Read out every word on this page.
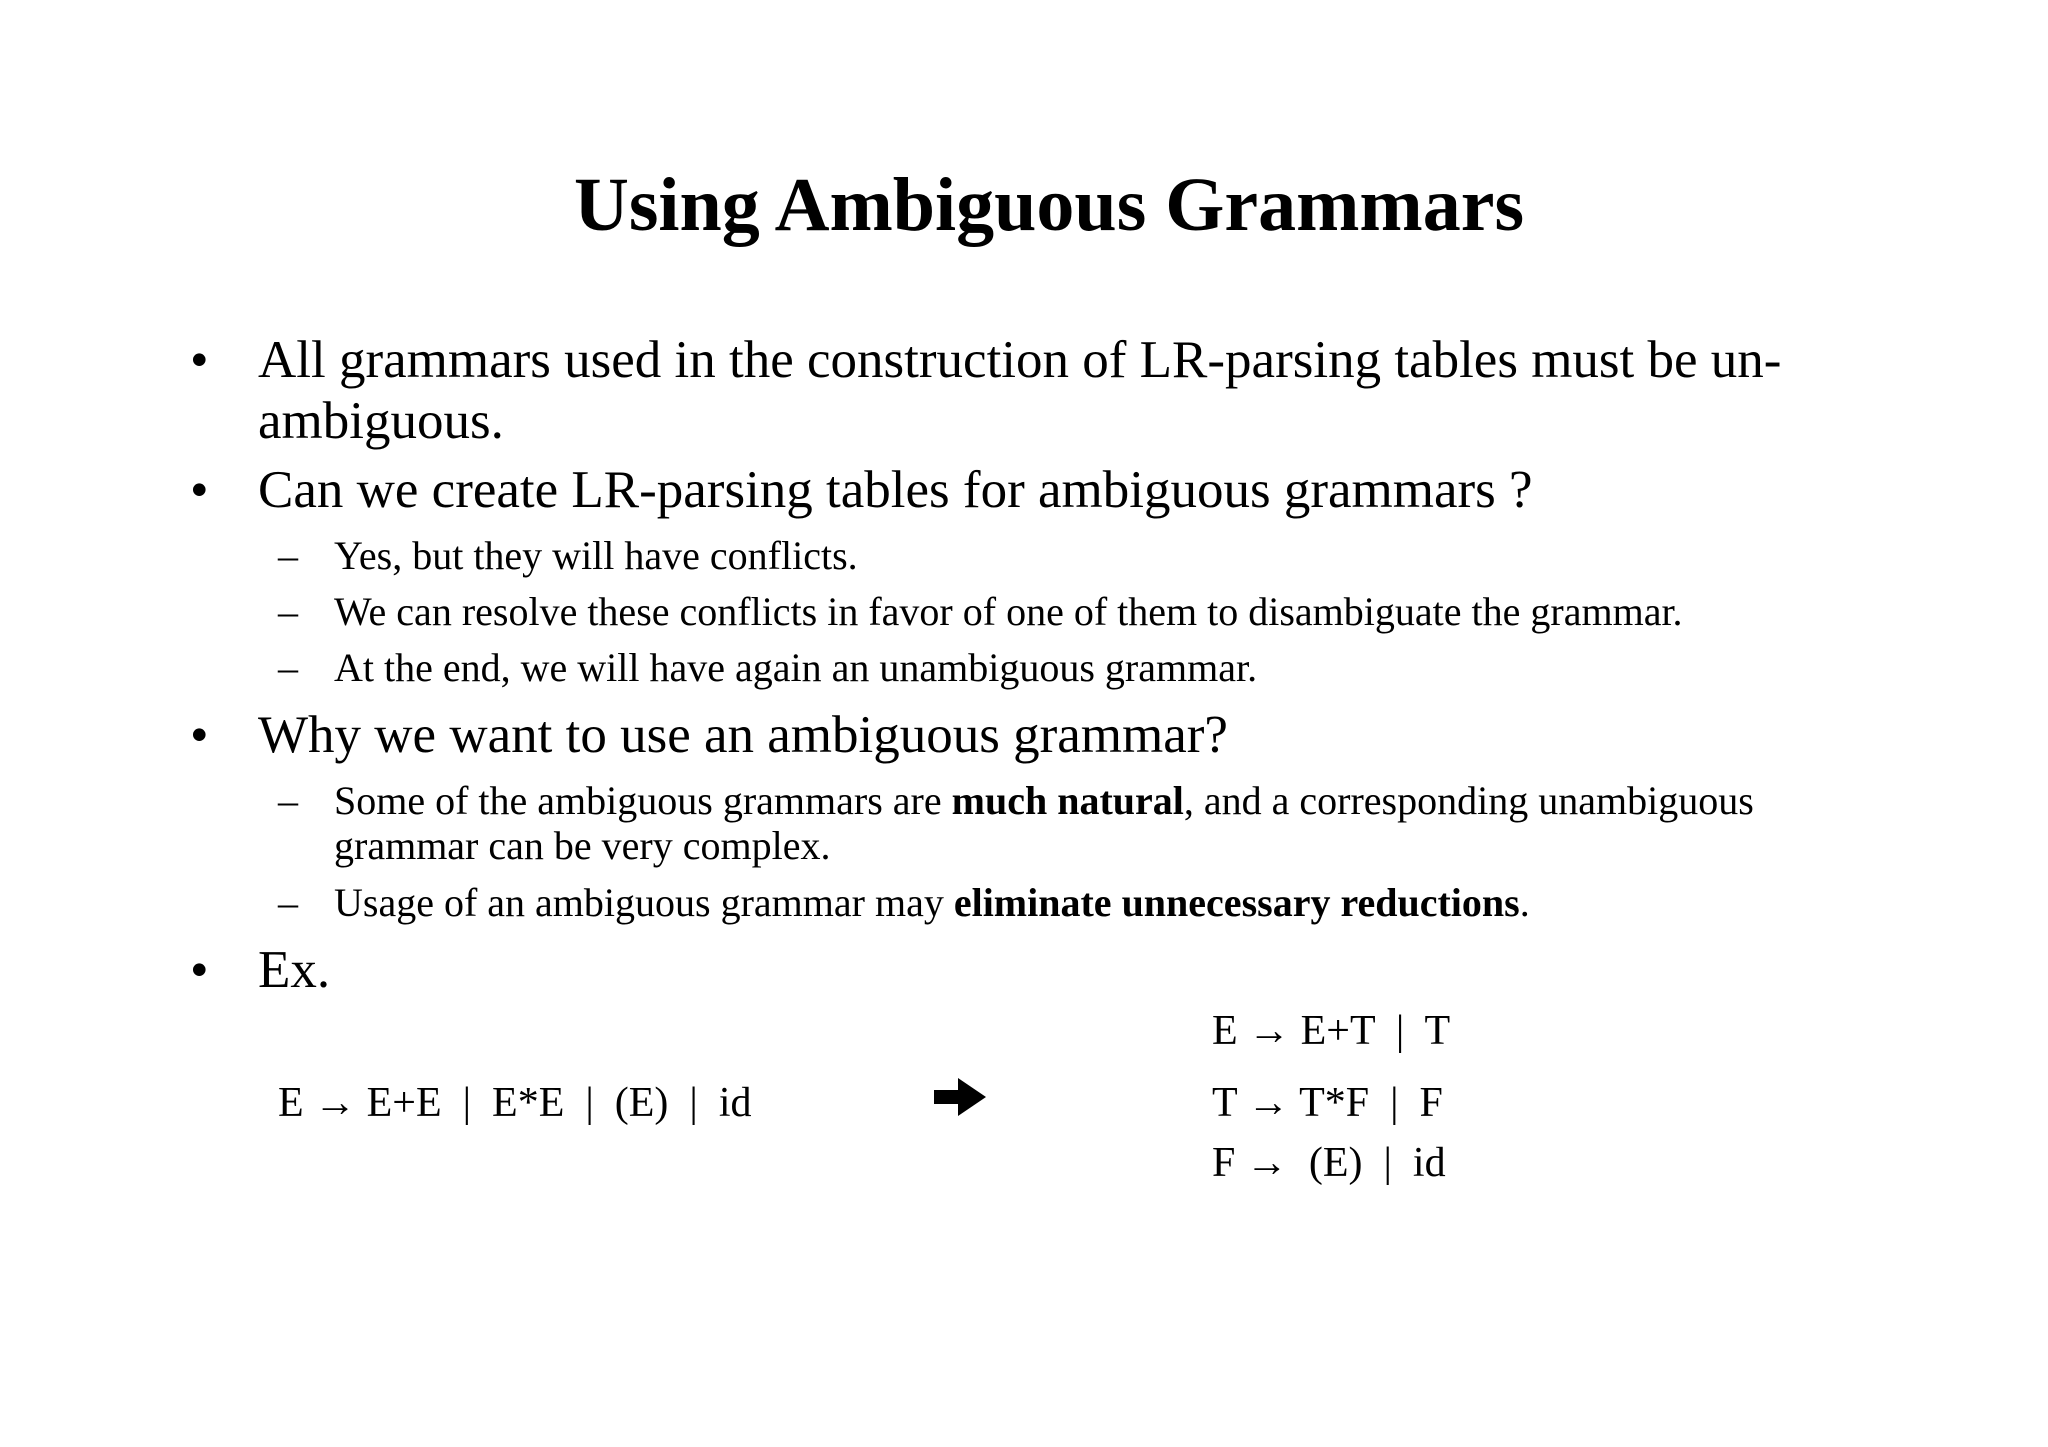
Using Ambiguous Grammars
• All grammars used in the construction of LR-parsing tables must be un-ambiguous.
• Can we create LR-parsing tables for ambiguous grammars ?
– Yes, but they will have conflicts.
– We can resolve these conflicts in favor of one of them to disambiguate the grammar.
– At the end, we will have again an unambiguous grammar.
• Why we want to use an ambiguous grammar?
– Some of the ambiguous grammars are much natural, and a corresponding unambiguous grammar can be very complex.
– Usage of an ambiguous grammar may eliminate unnecessary reductions.
• Ex.
E → E+E  |  E*E  |  (E)  |  id
E → E+T  |  T
T → T*F  |  F
F →  (E)  |  id
